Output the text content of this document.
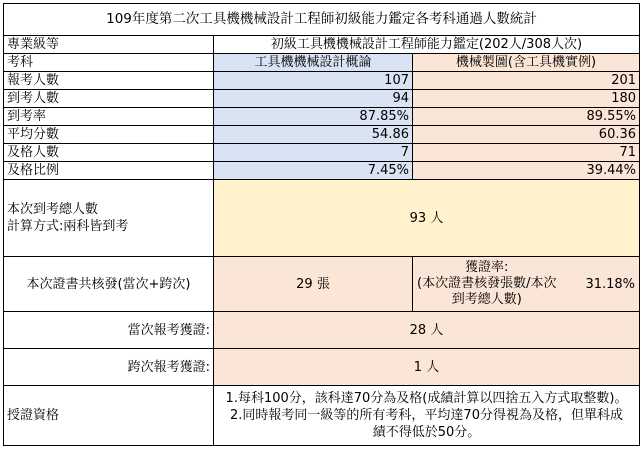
109年度第二次工具機機械設計工程師初級能力鑑定各考科通過人數統計		
專業級等	初級工具機機械設計工程師能力鑑定(202人/308人次)	
考科	工具機機械設計概論	機械製圖(含工具機實例)
報考人數	107	201
到考人數	94	180
到考率	87.85%	89.55%
平均分數	54.86	60.36
及格人數	7	71
及格比例	7.45%	39.44%

本次到考總人數
計算方式:兩科皆到考	93 人	
本次證書共核發(當次+跨次)	29 張	獲證率:
(本次證書核發張數/本次
到考總人數)
31.18%

當次報考獲證:	28 人	
跨次報考獲證:	1 人	
授證資格	1.每科100分，該科達70分為及格(成績計算以四捨五入方式取整數)。
2.同時報考同一級等的所有考科，平均達70分得視為及格，但單科成
績不得低於50分。	
